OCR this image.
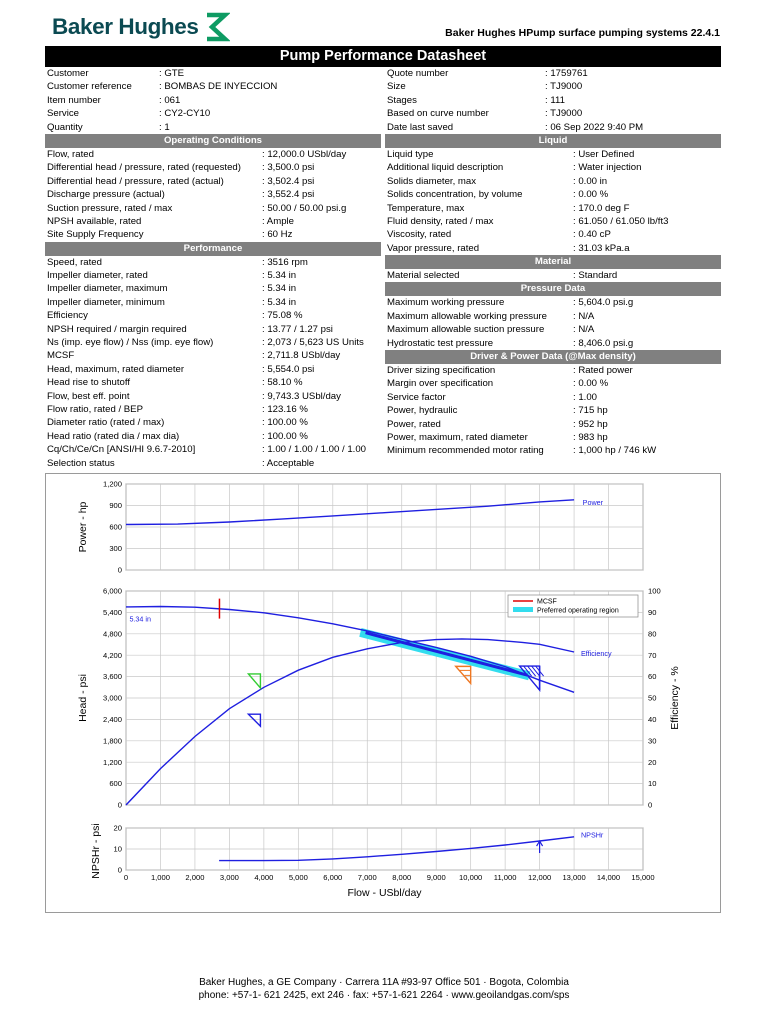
Baker Hughes	Baker Hughes HPump surface pumping systems 22.4.1
Pump Performance Datasheet
Customer	: GTE
Customer reference	: BOMBAS DE INYECCION
Item number	: 061
Service	: CY2-CY10
Quantity	: 1
Operating Conditions
Flow, rated	: 12,000.0 USbl/day
Differential head / pressure, rated (requested) : 3,500.0 psi
Differential head / pressure, rated (actual)	: 3,502.4 psi
Discharge pressure (actual)	: 3,552.4 psi
Suction pressure, rated / max	: 50.00 / 50.00 psi.g
NPSH available, rated	: Ample
Site Supply Frequency	: 60 Hz
Performance
Speed, rated	: 3516 rpm
Impeller diameter, rated	: 5.34 in
Impeller diameter, maximum	: 5.34 in
Impeller diameter, minimum	: 5.34 in
Efficiency	: 75.08 %
NPSH required / margin required	: 13.77 / 1.27 psi
Ns (imp. eye flow) / Nss (imp. eye flow)	: 2,073 / 5,623 US Units
MCSF	: 2,711.8 USbl/day
Head, maximum, rated diameter	: 5,554.0 psi
Head rise to shutoff	: 58.10 %
Flow, best eff. point	: 9,743.3 USbl/day
Flow ratio, rated / BEP	: 123.16 %
Diameter ratio (rated / max)	: 100.00 %
Head ratio (rated dia / max dia)	: 100.00 %
Cq/Ch/Ce/Cn [ANSI/HI 9.6.7-2010]	: 1.00 / 1.00 / 1.00 / 1.00
Selection status	: Acceptable
Quote number	: 1759761
Size	: TJ9000
Stages	: 111
Based on curve number	: TJ9000
Date last saved	: 06 Sep 2022 9:40 PM
Liquid
Liquid type	: User Defined
Additional liquid description	: Water injection
Solids diameter, max	: 0.00 in
Solids concentration, by volume	: 0.00 %
Temperature, max	: 170.0 deg F
Fluid density, rated / max	: 61.050 / 61.050 lb/ft3
Viscosity, rated	: 0.40 cP
Vapor pressure, rated	: 31.03 kPa.a
Material
Material selected	: Standard
Pressure Data
Maximum working pressure	: 5,604.0 psi.g
Maximum allowable working pressure	: N/A
Maximum allowable suction pressure	: N/A
Hydrostatic test pressure	: 8,406.0 psi.g
Driver & Power Data (@Max density)
Driver sizing specification	: Rated power
Margin over specification	: 0.00 %
Service factor	: 1.00
Power, hydraulic	: 715 hp
Power, rated	: 952 hp
Power, maximum, rated diameter	: 983 hp
Minimum recommended motor rating	: 1,000 hp / 746 kW
0
300
600
900
1,200
0
600
1,200
1,800
2,400
3,000
3,600
4,200
4,800
5,400
6,000
0
10
20
0
10
20
30
40
50
60
70
80
90
100
0	1,000 2,000 3,000 4,000 5,000 6,000 7,000 8,000 9,000 10,000 11,000 12,000 13,000 14,000 15,000
Power - hp
Head - psi	Efficiency - %
NPSHr - psi
Flow - USbl/day
Power
Efficiency
5.34 in
MCSF
Preferred operating region
NPSHr
Baker Hughes, a GE Company · Carrera 11A #93-97 Office 501 · Bogota, Colombia
phone: +57-1- 621 2425, ext 246 · fax: +57-1-621 2264 · www.geoilandgas.com/sps
